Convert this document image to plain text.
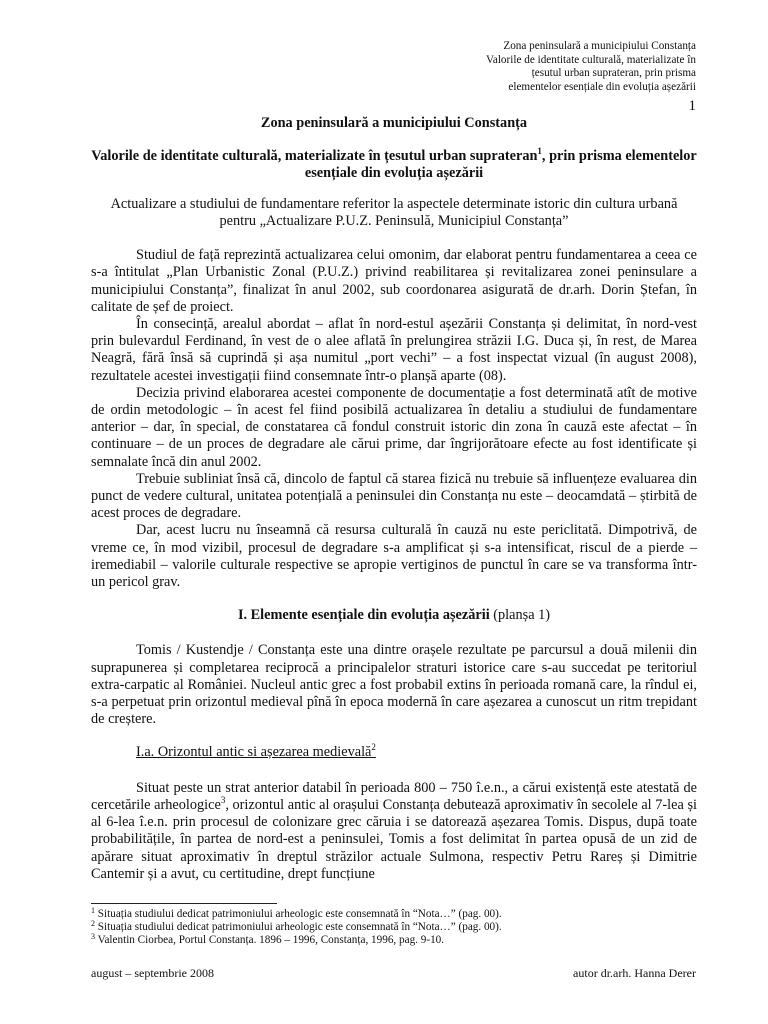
Zona peninsulară a municipiului Constanța
Valorile de identitate culturală, materializate în
țesutul urban suprateran, prin prisma
elementelor esențiale din evoluția așezării
1
Zona peninsulară a municipiului Constanța
Valorile de identitate culturală, materializate în țesutul urban suprateran$^1$, prin prisma elementelor esențiale din evoluția așezării
Actualizare a studiului de fundamentare referitor la aspectele determinate istoric din cultura urbană pentru „Actualizare P.U.Z. Peninsulă, Municipiul Constanța”

Studiul de față reprezintă actualizarea celui omonim, dar elaborat pentru fundamentarea a ceea ce s-a întitulat „Plan Urbanistic Zonal (P.U.Z.) privind reabilitarea și revitalizarea zonei peninsulare a municipiului Constanța”, finalizat în anul 2002, sub coordonarea asigurată de dr.arh. Dorin Ștefan, în calitate de șef de proiect.

În consecință, arealul abordat – aflat în nord-estul așezării Constanța și delimitat, în nord-vest prin bulevardul Ferdinand, în vest de o alee aflată în prelungirea străzii I.G. Duca și, în rest, de Marea Neagră, fără însă să cuprindă și așa numitul „port vechi” – a fost inspectat vizual (în august 2008), rezultatele acestei investigații fiind consemnate într-o planșă aparte (08).

Decizia privind elaborarea acestei componente de documentație a fost determinată atît de motive de ordin metodologic – în acest fel fiind posibilă actualizarea în detaliu a studiului de fundamentare anterior – dar, în special, de constatarea că fondul construit istoric din zona în cauză este afectat – în continuare – de un proces de degradare ale cărui prime, dar îngrijorătoare efecte au fost identificate și semnalate încă din anul 2002.

Trebuie subliniat însă că, dincolo de faptul că starea fizică nu trebuie să influențeze evaluarea din punct de vedere cultural, unitatea potențială a peninsulei din Constanța nu este – deocamdată – știrbită de acest proces de degradare.

Dar, acest lucru nu înseamnă că resursa culturală în cauză nu este periclitată. Dimpotrivă, de vreme ce, în mod vizibil, procesul de degradare s-a amplificat și s-a intensificat, riscul de a pierde – iremediabil – valorile culturale respective se apropie vertiginos de punctul în care se va transforma într-un pericol grav.

I. Elemente esențiale din evoluția așezării (planșa 1)

Tomis / Kustendje / Constanța este una dintre orașele rezultate pe parcursul a două milenii din suprapunerea și completarea reciprocă a principalelor straturi istorice care s-au succedat pe teritoriul extra-carpatic al României. Nucleul antic grec a fost probabil extins în perioada romană care, la rîndul ei, s-a perpetuat prin orizontul medieval pînă în epoca modernă în care așezarea a cunoscut un ritm trepidant de creștere.

I.a. Orizontul antic si așezarea medievală$^2$

Situat peste un strat anterior databil în perioada 800 – 750 î.e.n., a cărui existență este atestată de cercetările arheologice$^3$, orizontul antic al orașului Constanța debutează aproximativ în secolele al 7-lea și al 6-lea î.e.n. prin procesul de colonizare grec căruia i se datorează așezarea Tomis. Dispus, după toate probabilitățile, în partea de nord-est a peninsulei, Tomis a fost delimitat în partea opusă de un zid de apărare situat aproximativ în dreptul străzilor actuale Sulmona, respectiv Petru Rareș și Dimitrie Cantemir și a avut, cu certitudine, drept funcțiune

$^1$ Situația studiului dedicat patrimoniului arheologic este consemnată în “Nota…” (pag. 00).
$^2$ Situația studiului dedicat patrimoniului arheologic este consemnată în “Nota…” (pag. 00).
$^3$ Valentin Ciorbea, Portul Constanța. 1896 – 1996, Constanța, 1996, pag. 9-10.
august – septembrie 2008	autor dr.arh. Hanna Derer
